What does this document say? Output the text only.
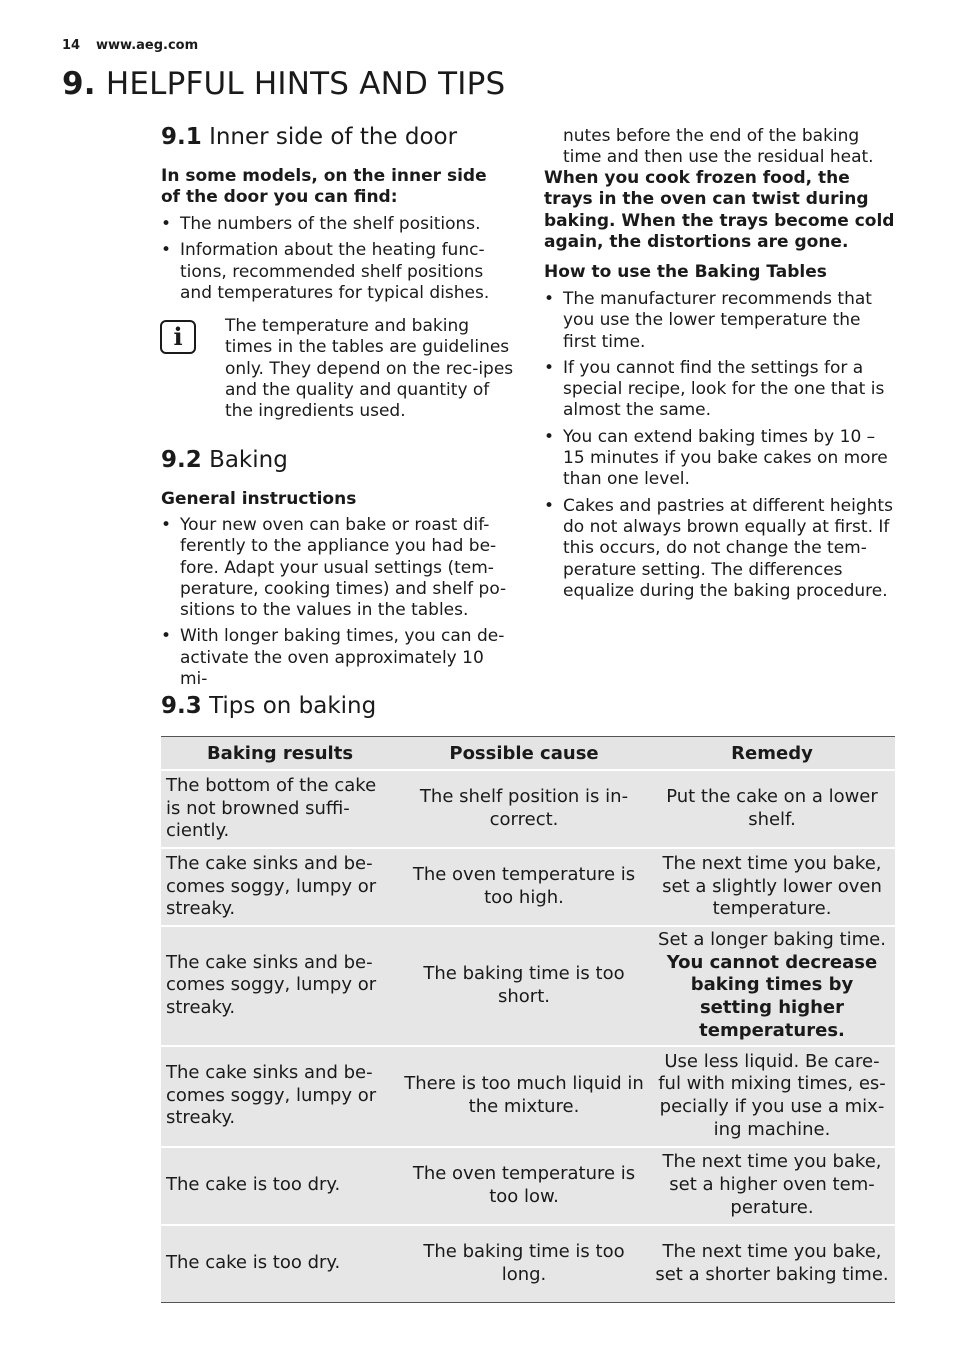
14 www.aeg.com
9. HELPFUL HINTS AND TIPS
9.1 Inner side of the door

In some models, on the inner side of the door you can find:

• The numbers of the shelf positions.
• Information about the heating func-tions, recommended shelf positions and temperatures for typical dishes.
i	The temperature and baking times in the tables are guidelines only. They depend on the rec-ipes and the quality and quantity of the ingredients used.

9.2 Baking
General instructions
• Your new oven can bake or roast dif-ferently to the appliance you had be-fore. Adapt your usual settings (tem-perature, cooking times) and shelf po-sitions to the values in the tables.
• With longer baking times, you can de-activate the oven approximately 10 mi-

nutes before the end of the baking time and then use the residual heat.

When you cook frozen food, the trays in the oven can twist during baking. When the trays become cold again, the distortions are gone.

How to use the Baking Tables
• The manufacturer recommends that you use the lower temperature the first time.
• If you cannot find the settings for a special recipe, look for the one that is almost the same.
• You can extend baking times by 10 – 15 minutes if you bake cakes on more than one level.
• Cakes and pastries at different heights do not always brown equally at first. If this occurs, do not change the tem-perature setting. The differences equalize during the baking procedure.
9.3 Tips on baking
Baking results	Possible cause	Remedy
The bottom of the cake is not browned suffi-ciently.	The shelf position is in-correct.	Put the cake on a lower shelf.
The cake sinks and be-comes soggy, lumpy or streaky.	The oven temperature is too high.	The next time you bake, set a slightly lower oven temperature.
The cake sinks and be-comes soggy, lumpy or streaky.	The baking time is too short.	Set a longer baking time.
You cannot decrease baking times by setting higher temperatures.
The cake sinks and be-comes soggy, lumpy or streaky.	There is too much liquid in the mixture.	Use less liquid. Be care-ful with mixing times, es-pecially if you use a mix-ing machine.
The cake is too dry.	The oven temperature is too low.	The next time you bake, set a higher oven tem-perature.
The cake is too dry.	The baking time is too long.	The next time you bake, set a shorter baking time.
